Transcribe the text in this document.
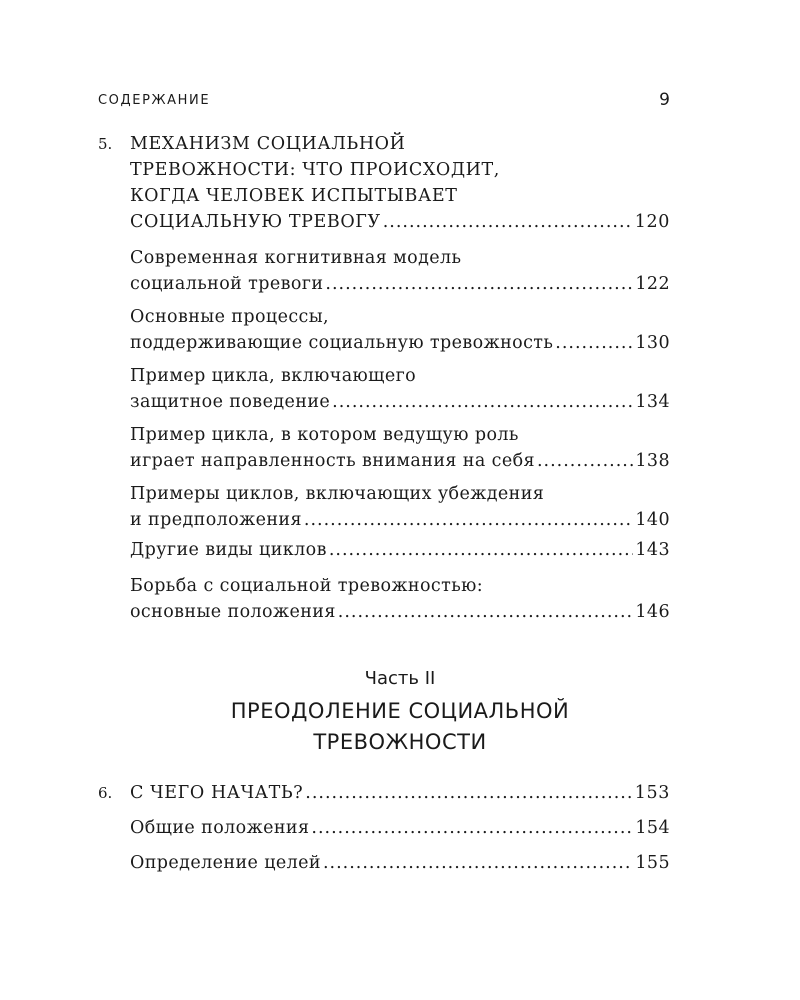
СОДЕРЖАНИЕ	9
5. МЕХАНИЗМ СОЦИАЛЬНОЙ
ТРЕВОЖНОСТИ: ЧТО ПРОИСХОДИТ,
КОГДА ЧЕЛОВЕК ИСПЫТЫВАЕТ
СОЦИАЛЬНУЮ ТРЕВОГУ .....	120
Современная когнитивная модель
социальной тревоги .....	122
Основные процессы,
поддерживающие социальную тревожность .....	130
Пример цикла, включающего
защитное поведение .....	134
Пример цикла, в котором ведущую роль
играет направленность внимания на себя .....	138
Примеры циклов, включающих убеждения
и предположения .....	140
Другие виды циклов .....	143
Борьба с социальной тревожностью:
основные положения .....	146
Часть II
ПРЕОДОЛЕНИЕ СОЦИАЛЬНОЙ
ТРЕВОЖНОСТИ
6. С ЧЕГО НАЧАТЬ? .....	153
Общие положения .....	154
Определение целей .....	155
